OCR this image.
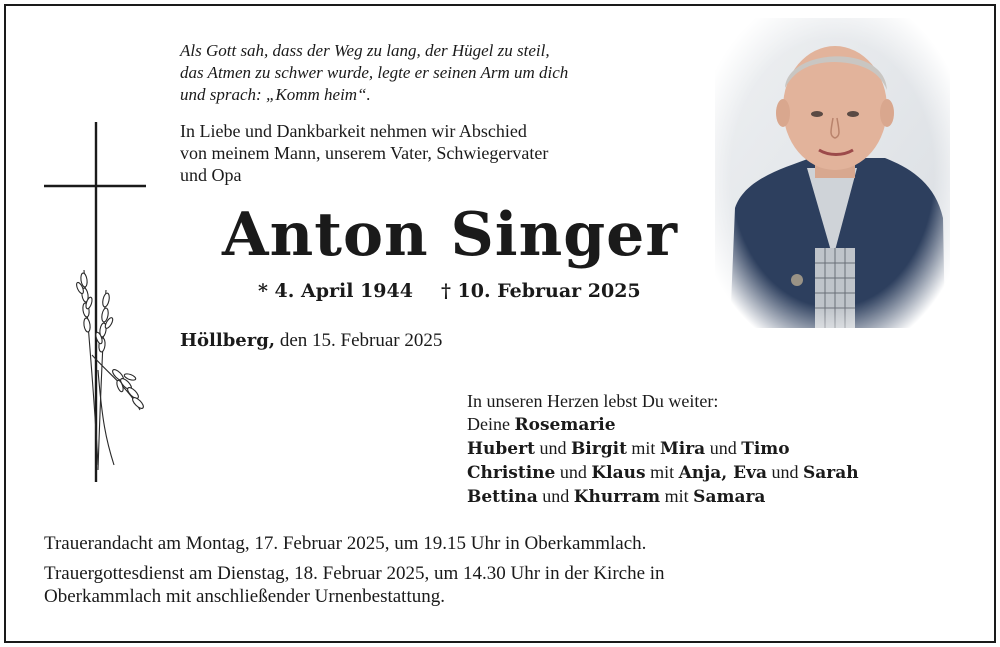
Als Gott sah, dass der Weg zu lang, der Hügel zu steil,
das Atmen zu schwer wurde, legte er seinen Arm um dich
und sprach: „Komm heim“.
In Liebe und Dankbarkeit nehmen wir Abschied
von meinem Mann, unserem Vater, Schwiegervater
und Opa
Anton Singer
* 4. April 1944 † 10. Februar 2025
Höllberg, den 15. Februar 2025
In unseren Herzen lebst Du weiter:
Deine Rosemarie
Hubert und Birgit mit Mira und Timo
Christine und Klaus mit Anja, Eva und Sarah
Bettina und Khurram mit Samara
Trauerandacht am Montag, 17. Februar 2025, um 19.15 Uhr in Oberkammlach.
Trauergottesdienst am Dienstag, 18. Februar 2025, um 14.30 Uhr in der Kirche in
Oberkammlach mit anschließender Urnenbestattung.
